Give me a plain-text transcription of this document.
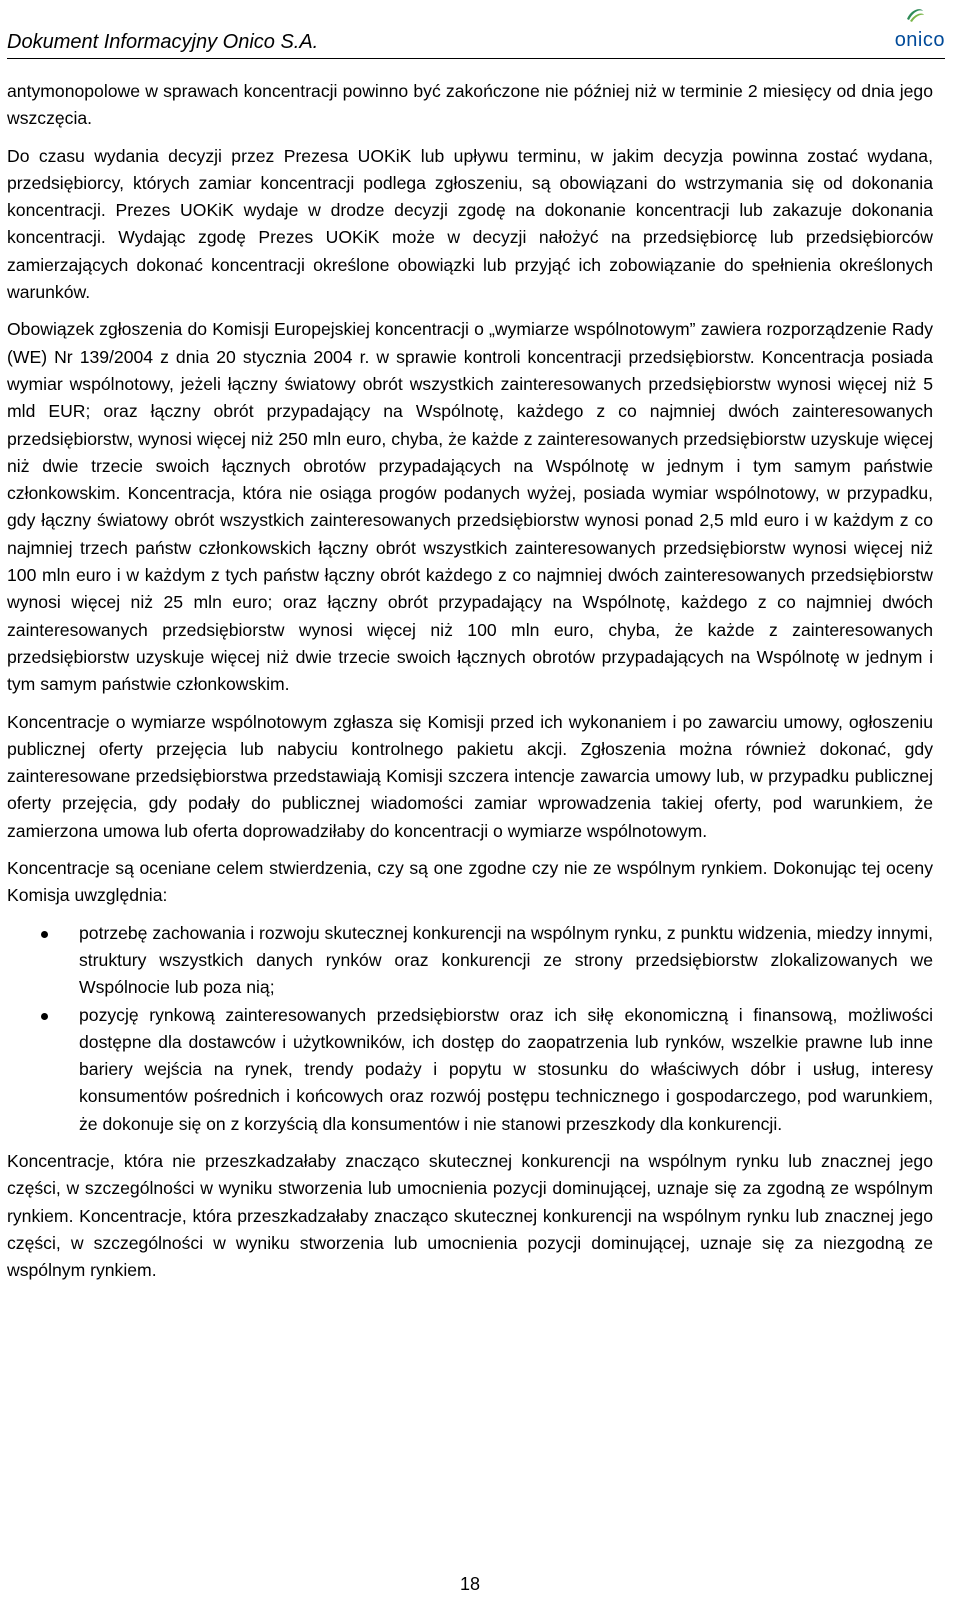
Dokument Informacyjny Onico S.A.	onico

antymonopolowe w sprawach koncentracji powinno być zakończone nie później niż w terminie 2 miesięcy od dnia jego wszczęcia.

Do czasu wydania decyzji przez Prezesa UOKiK lub upływu terminu, w jakim decyzja powinna zostać wydana, przedsiębiorcy, których zamiar koncentracji podlega zgłoszeniu, są obowiązani do wstrzymania się od dokonania koncentracji. Prezes UOKiK wydaje w drodze decyzji zgodę na dokonanie koncentracji lub zakazuje dokonania koncentracji. Wydając zgodę Prezes UOKiK może w decyzji nałożyć na przedsiębiorcę lub przedsiębiorców zamierzających dokonać koncentracji określone obowiązki lub przyjąć ich zobowiązanie do spełnienia określonych warunków.

Obowiązek zgłoszenia do Komisji Europejskiej koncentracji o „wymiarze wspólnotowym” zawiera rozporządzenie Rady (WE) Nr 139/2004 z dnia 20 stycznia 2004 r. w sprawie kontroli koncentracji przedsiębiorstw. Koncentracja posiada wymiar wspólnotowy, jeżeli łączny światowy obrót wszystkich zainteresowanych przedsiębiorstw wynosi więcej niż 5 mld EUR; oraz łączny obrót przypadający na Wspólnotę, każdego z co najmniej dwóch zainteresowanych przedsiębiorstw, wynosi więcej niż 250 mln euro, chyba, że każde z zainteresowanych przedsiębiorstw uzyskuje więcej niż dwie trzecie swoich łącznych obrotów przypadających na Wspólnotę w jednym i tym samym państwie członkowskim. Koncentracja, która nie osiąga progów podanych wyżej, posiada wymiar wspólnotowy, w przypadku, gdy łączny światowy obrót wszystkich zainteresowanych przedsiębiorstw wynosi ponad 2,5 mld euro i w każdym z co najmniej trzech państw członkowskich łączny obrót wszystkich zainteresowanych przedsiębiorstw wynosi więcej niż 100 mln euro i w każdym z tych państw łączny obrót każdego z co najmniej dwóch zainteresowanych przedsiębiorstw wynosi więcej niż 25 mln euro; oraz łączny obrót przypadający na Wspólnotę, każdego z co najmniej dwóch zainteresowanych przedsiębiorstw wynosi więcej niż 100 mln euro, chyba, że każde z zainteresowanych przedsiębiorstw uzyskuje więcej niż dwie trzecie swoich łącznych obrotów przypadających na Wspólnotę w jednym i tym samym państwie członkowskim.

Koncentracje o wymiarze wspólnotowym zgłasza się Komisji przed ich wykonaniem i po zawarciu umowy, ogłoszeniu publicznej oferty przejęcia lub nabyciu kontrolnego pakietu akcji. Zgłoszenia można również dokonać, gdy zainteresowane przedsiębiorstwa przedstawiają Komisji szczera intencje zawarcia umowy lub, w przypadku publicznej oferty przejęcia, gdy podały do publicznej wiadomości zamiar wprowadzenia takiej oferty, pod warunkiem, że zamierzona umowa lub oferta doprowadziłaby do koncentracji o wymiarze wspólnotowym.

Koncentracje są oceniane celem stwierdzenia, czy są one zgodne czy nie ze wspólnym rynkiem. Dokonując tej oceny Komisja uwzględnia:

potrzebę zachowania i rozwoju skutecznej konkurencji na wspólnym rynku, z punktu widzenia, miedzy innymi, struktury wszystkich danych rynków oraz konkurencji ze strony przedsiębiorstw zlokalizowanych we Wspólnocie lub poza nią;
pozycję rynkową zainteresowanych przedsiębiorstw oraz ich siłę ekonomiczną i finansową, możliwości dostępne dla dostawców i użytkowników, ich dostęp do zaopatrzenia lub rynków, wszelkie prawne lub inne bariery wejścia na rynek, trendy podaży i popytu w stosunku do właściwych dóbr i usług, interesy konsumentów pośrednich i końcowych oraz rozwój postępu technicznego i gospodarczego, pod warunkiem, że dokonuje się on z korzyścią dla konsumentów i nie stanowi przeszkody dla konkurencji.

Koncentracje, która nie przeszkadzałaby znacząco skutecznej konkurencji na wspólnym rynku lub znacznej jego części, w szczególności w wyniku stworzenia lub umocnienia pozycji dominującej, uznaje się za zgodną ze wspólnym rynkiem. Koncentracje, która przeszkadzałaby znacząco skutecznej konkurencji na wspólnym rynku lub znacznej jego części, w szczególności w wyniku stworzenia lub umocnienia pozycji dominującej, uznaje się za niezgodną ze wspólnym rynkiem.

18
